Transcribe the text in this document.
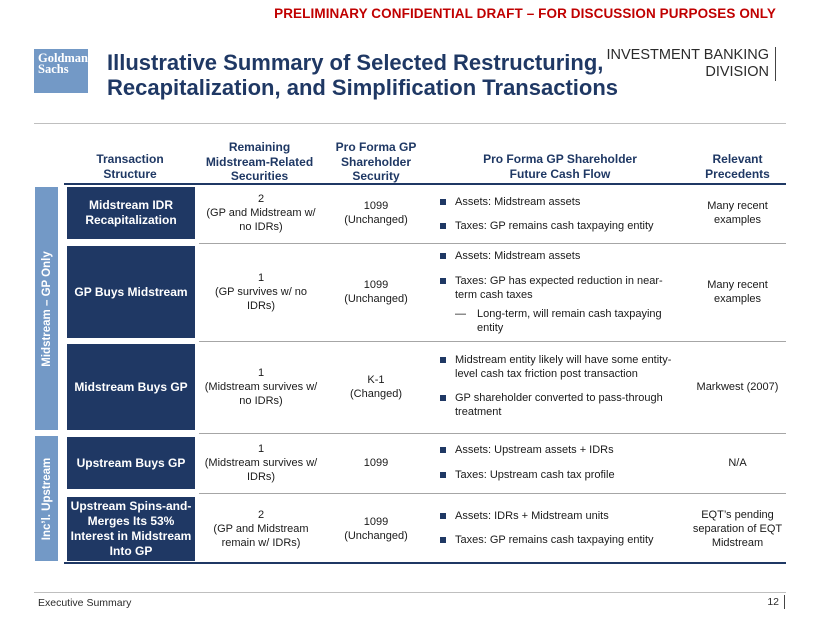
PRELIMINARY CONFIDENTIAL DRAFT – FOR DISCUSSION PURPOSES ONLY
Goldman
Sachs	Illustrative Summary of Selected Restructuring,
Recapitalization, and Simplification Transactions
INVESTMENT BANKING
DIVISION
Transaction Structure
Remaining Midstream-Related Securities
Pro Forma GP Shareholder Security
Pro Forma GP Shareholder Future Cash Flow
Relevant Precedents
Midstream – GP Only
Inc’l. Upstream
Midstream IDR Recapitalization
2
(GP and Midstream w/ no IDRs)
1099
(Unchanged)
Assets: Midstream assets
Taxes: GP remains cash taxpaying entity
Many recent examples
GP Buys Midstream
1
(GP survives w/ no IDRs)
1099
(Unchanged)
Assets: Midstream assets
Taxes: GP has expected reduction in near-term cash taxes
— Long-term, will remain cash taxpaying entity
Many recent examples
Midstream Buys GP
1
(Midstream survives w/ no IDRs)
K-1
(Changed)
Midstream entity likely will have some entity-level cash tax friction post transaction
GP shareholder converted to pass-through treatment
Markwest (2007)
Upstream Buys GP
1
(Midstream survives w/ IDRs)
1099
Assets: Upstream assets + IDRs
Taxes: Upstream cash tax profile
N/A
Upstream Spins-and-Merges Its 53% Interest in Midstream Into GP
2
(GP and Midstream remain w/ IDRs)
1099
(Unchanged)
Assets: IDRs + Midstream units
Taxes: GP remains cash taxpaying entity
EQT’s pending separation of EQT Midstream
Executive Summary	12
